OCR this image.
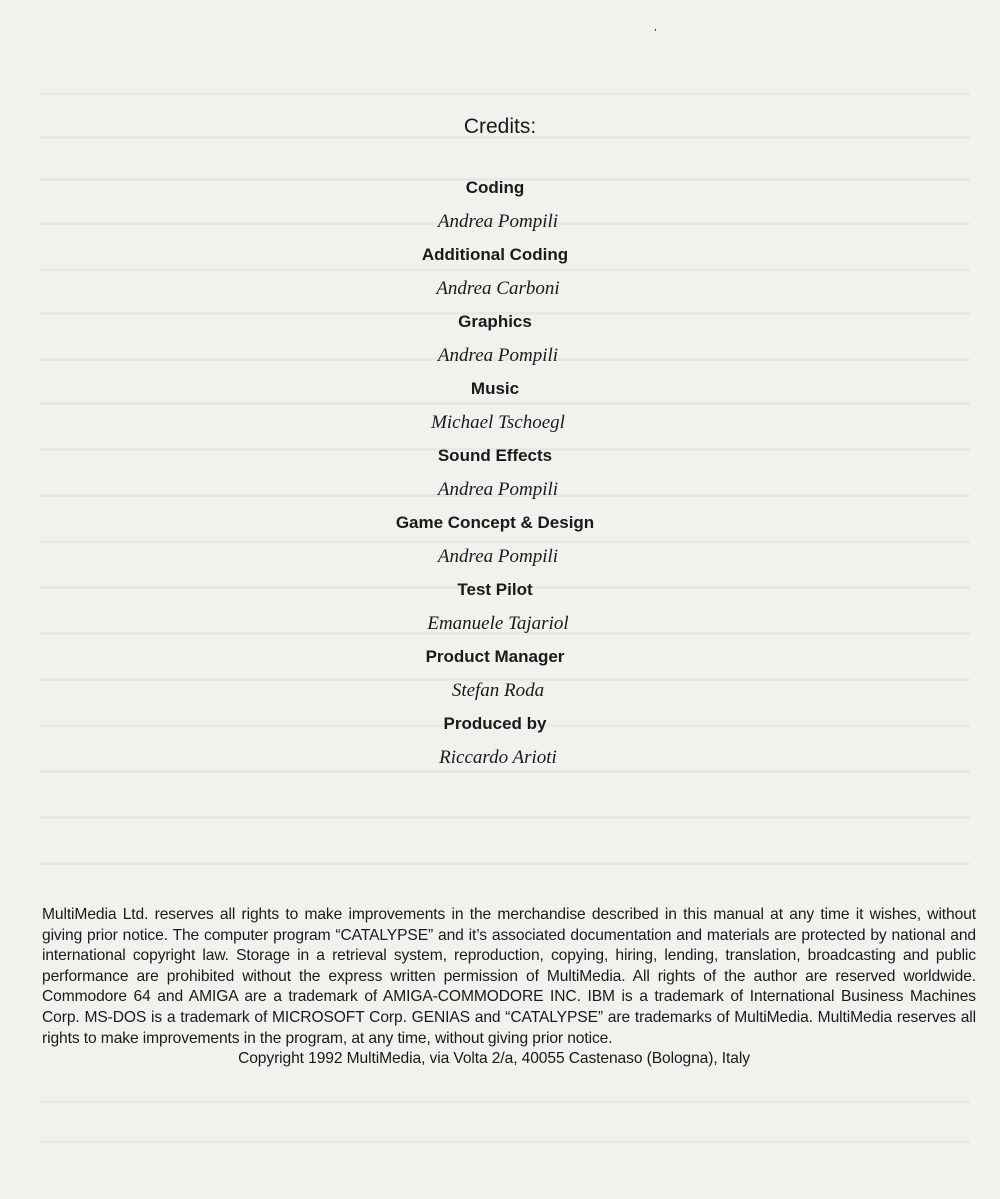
ˈ
Credits:

Coding

Andrea Pompili

Additional Coding

Andrea Carboni

Graphics

Andrea Pompili

Music

Michael Tschoegl

Sound Effects

Andrea Pompili

Game Concept & Design

Andrea Pompili

Test Pilot

Emanuele Tajariol

Product Manager

Stefan Roda

Produced by

Riccardo Arioti

MultiMedia Ltd. reserves all rights to make improvements in the merchandise described in this manual at any time it wishes, without giving prior notice. The computer program “CATALYPSE” and it’s associated documentation and materials are protected by national and international copyright law. Storage in a retrieval system, reproduction, copying, hiring, lending, translation, broadcasting and public performance are prohibited without the express written permission of MultiMedia. All rights of the author are reserved worldwide. Commodore 64 and AMIGA are a trademark of AMIGA-COMMODORE INC. IBM is a trademark of International Business Machines Corp. MS-DOS is a trademark of MICROSOFT Corp. GENIAS and “CATALYPSE” are trademarks of MultiMedia. MultiMedia reserves all rights to make improvements in the program, at any time, without giving prior notice.
Copyright 1992 MultiMedia, via Volta 2/a, 40055 Castenaso (Bologna), Italy
